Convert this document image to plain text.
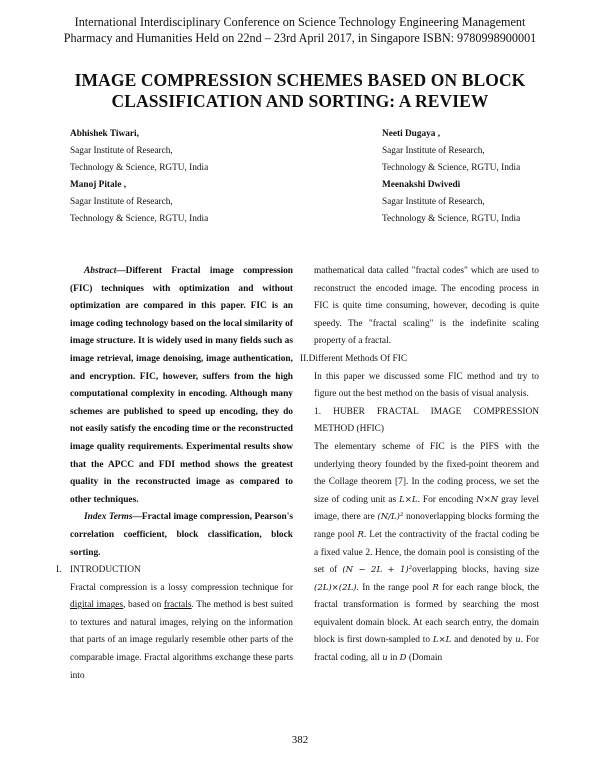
International Interdisciplinary Conference on Science Technology Engineering Management
Pharmacy and Humanities Held on 22nd – 23rd April 2017, in Singapore ISBN: 9780998900001
IMAGE COMPRESSION SCHEMES BASED ON BLOCK
CLASSIFICATION AND SORTING: A REVIEW
Abhishek Tiwari,
Sagar Institute of Research,
Technology & Science, RGTU, India
Neeti Dugaya ,
Sagar Institute of Research,
Technology & Science, RGTU, India
Manoj Pitale ,
Sagar Institute of Research,
Technology & Science, RGTU, India
Meenakshi Dwivedi
Sagar Institute of Research,
Technology & Science, RGTU, India

Abstract—Different Fractal image compression (FIC) techniques with optimization and without optimization are compared in this paper. FIC is an image coding technology based on the local similarity of image structure. It is widely used in many fields such as image retrieval, image denoising, image authentication, and encryption. FIC, however, suffers from the high computational complexity in encoding. Although many schemes are published to speed up encoding, they do not easily satisfy the encoding time or the reconstructed image quality requirements. Experimental results show that the APCC and FDI method shows the greatest quality in the reconstructed image as compared to other techniques.

Index Terms—Fractal image compression, Pearson's correlation coefficient, block classification, block sorting.

I. INTRODUCTION

Fractal compression is a lossy compression technique for digital images, based on fractals. The method is best suited to textures and natural images, relying on the information that parts of an image regularly resemble other parts of the comparable image. Fractal algorithms exchange these parts into

mathematical data called "fractal codes" which are used to reconstruct the encoded image. The encoding process in FIC is quite time consuming, however, decoding is quite speedy. The "fractal scaling" is the indefinite scaling property of a fractal.

II.Different Methods Of FIC

In this paper we discussed some FIC method and try to figure out the best method on the basis of visual analysis.

1. HUBER FRACTAL IMAGE COMPRESSION METHOD (HFIC)

The elementary scheme of FIC is the PIFS with the underlying theory founded by the fixed-point theorem and the Collage theorem [7]. In the coding process, we set the size of coding unit as L×L. For encoding N×N gray level image, there are (N/L)² nonoverlapping blocks forming the range pool R. Let the contractivity of the fractal coding be a fixed value 2. Hence, the domain pool is consisting of the set of (N − 2L + 1)²overlapping blocks, having size (2L)×(2L). In the range pool R for each range block, the fractal transformation is formed by searching the most equivalent domain block. At each search entry, the domain block is first down-sampled to L×L and denoted by u. For fractal coding, all u in D (Domain

382
